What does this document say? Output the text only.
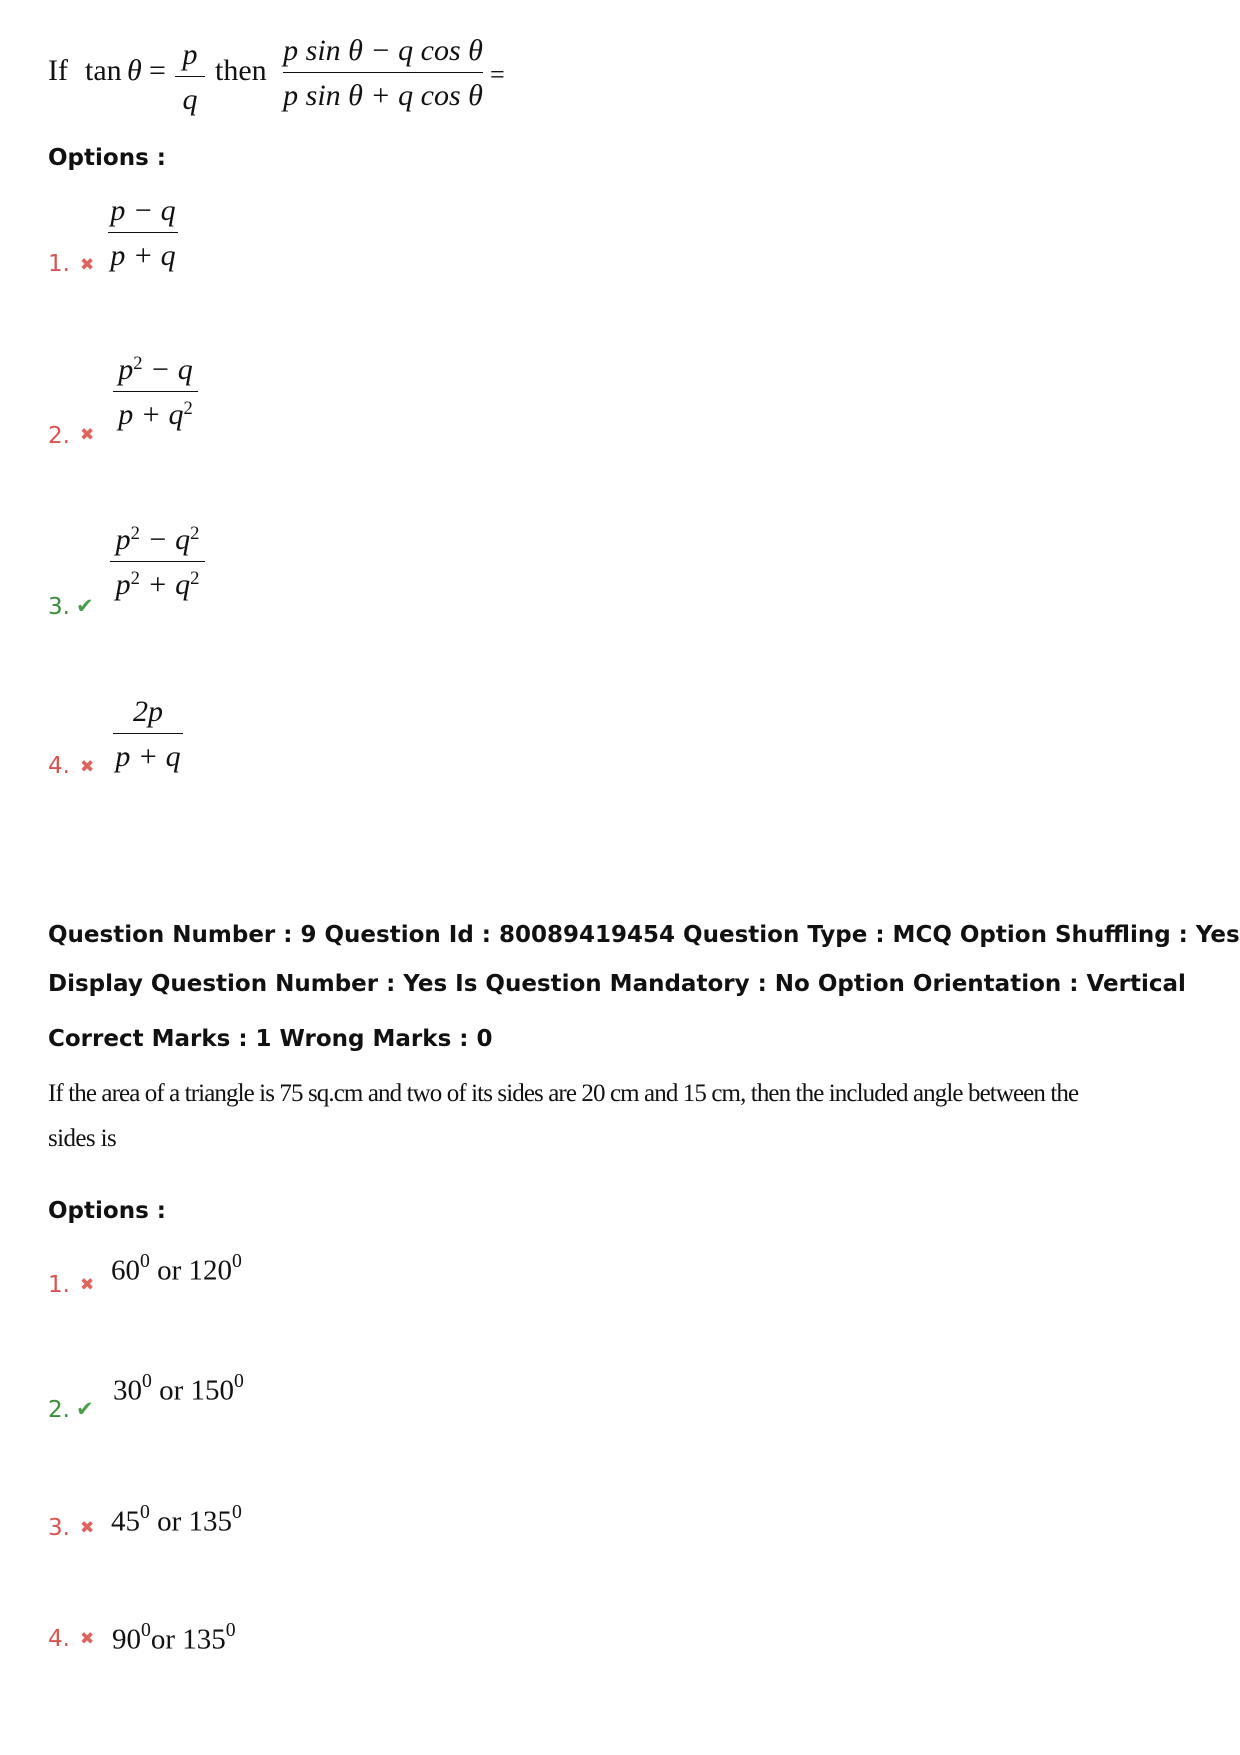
If tan θ = p
q
then
p sin θ − q cos θ
p sin θ + q cos θ
=
Options :
1. ✖
p − q
p + q
2. ✖
$p^2 - q$
$p + q^2$
3. ✔
$p^2 - q^2$
$p^2 + q^2$
4. ✖
2p
p + q
Question Number : 9 Question Id : 80089419454 Question Type : MCQ Option Shuffling : Yes
Display Question Number : Yes Is Question Mandatory : No Option Orientation : Vertical
Correct Marks : 1 Wrong Marks : 0
If the area of a triangle is 75 sq.cm and two of its sides are 20 cm and 15 cm, then the included angle between the
sides is
Options :
1. ✖ $60^0$ or $120^0$
2. ✔
$30^0$ or $150^0$
3. ✖ $45^0$ or $135^0$
4. ✖ $90^0or$ $135^0$
